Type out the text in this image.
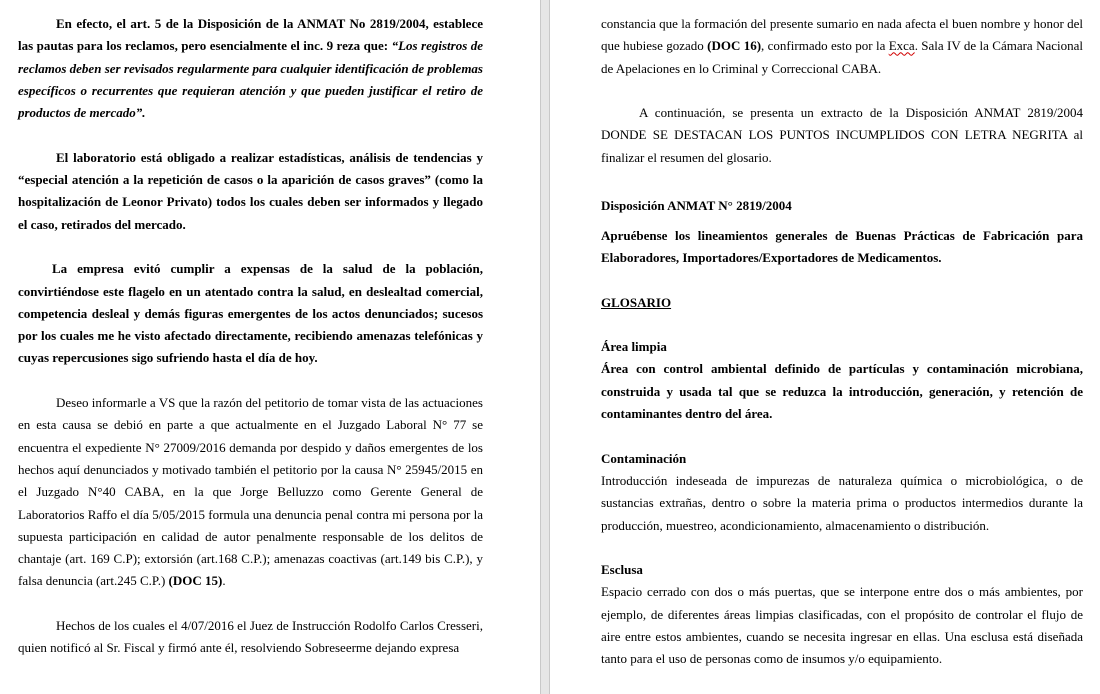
En efecto, el art. 5 de la Disposición de la ANMAT No 2819/2004, establece las pautas para los reclamos, pero esencialmente el inc. 9 reza que: “Los registros de reclamos deben ser revisados regularmente para cualquier identificación de problemas específicos o recurrentes que requieran atención y que pueden justificar el retiro de productos de mercado”.

El laboratorio está obligado a realizar estadísticas, análisis de tendencias y “especial atención a la repetición de casos o la aparición de casos graves” (como la hospitalización de Leonor Privato) todos los cuales deben ser informados y llegado el caso, retirados del mercado.

La empresa evitó cumplir a expensas de la salud de la población, convirtiéndose este flagelo en un atentado contra la salud, en deslealtad comercial, competencia desleal y demás figuras emergentes de los actos denunciados; sucesos por los cuales me he visto afectado directamente, recibiendo amenazas telefónicas y cuyas repercusiones sigo sufriendo hasta el día de hoy.

Deseo informarle a VS que la razón del petitorio de tomar vista de las actuaciones en esta causa se debió en parte a que actualmente en el Juzgado Laboral N° 77 se encuentra el expediente N° 27009/2016 demanda por despido y daños emergentes de los hechos aquí denunciados y motivado también el petitorio por la causa N° 25945/2015 en el Juzgado N°40 CABA, en la que Jorge Belluzzo como Gerente General de Laboratorios Raffo el día 5/05/2015 formula una denuncia penal contra mi persona por la supuesta participación en calidad de autor penalmente responsable de los delitos de chantaje (art. 169 C.P); extorsión (art.168 C.P.); amenazas coactivas (art.149 bis C.P.), y falsa denuncia (art.245 C.P.) (DOC 15).

Hechos de los cuales el 4/07/2016 el Juez de Instrucción Rodolfo Carlos Cresseri, quien notificó al Sr. Fiscal y firmó ante él, resolviendo Sobreseerme dejando expresa

constancia que la formación del presente sumario en nada afecta el buen nombre y honor del que hubiese gozado (DOC 16), confirmado esto por la Exca. Sala IV de la Cámara Nacional de Apelaciones en lo Criminal y Correccional CABA.

A continuación, se presenta un extracto de la Disposición ANMAT 2819/2004 DONDE SE DESTACAN LOS PUNTOS INCUMPLIDOS CON LETRA NEGRITA al finalizar el resumen del glosario.

Disposición ANMAT N° 2819/2004

Apruébense los lineamientos generales de Buenas Prácticas de Fabricación para Elaboradores, Importadores/Exportadores de Medicamentos.

GLOSARIO

Área limpia

Área con control ambiental definido de partículas y contaminación microbiana, construida y usada tal que se reduzca la introducción, generación, y retención de contaminantes dentro del área.

Contaminación

Introducción indeseada de impurezas de naturaleza química o microbiológica, o de sustancias extrañas, dentro o sobre la materia prima o productos intermedios durante la producción, muestreo, acondicionamiento, almacenamiento o distribución.

Esclusa

Espacio cerrado con dos o más puertas, que se interpone entre dos o más ambientes, por ejemplo, de diferentes áreas limpias clasificadas, con el propósito de controlar el flujo de aire entre estos ambientes, cuando se necesita ingresar en ellas. Una esclusa está diseñada tanto para el uso de personas como de insumos y/o equipamiento.
